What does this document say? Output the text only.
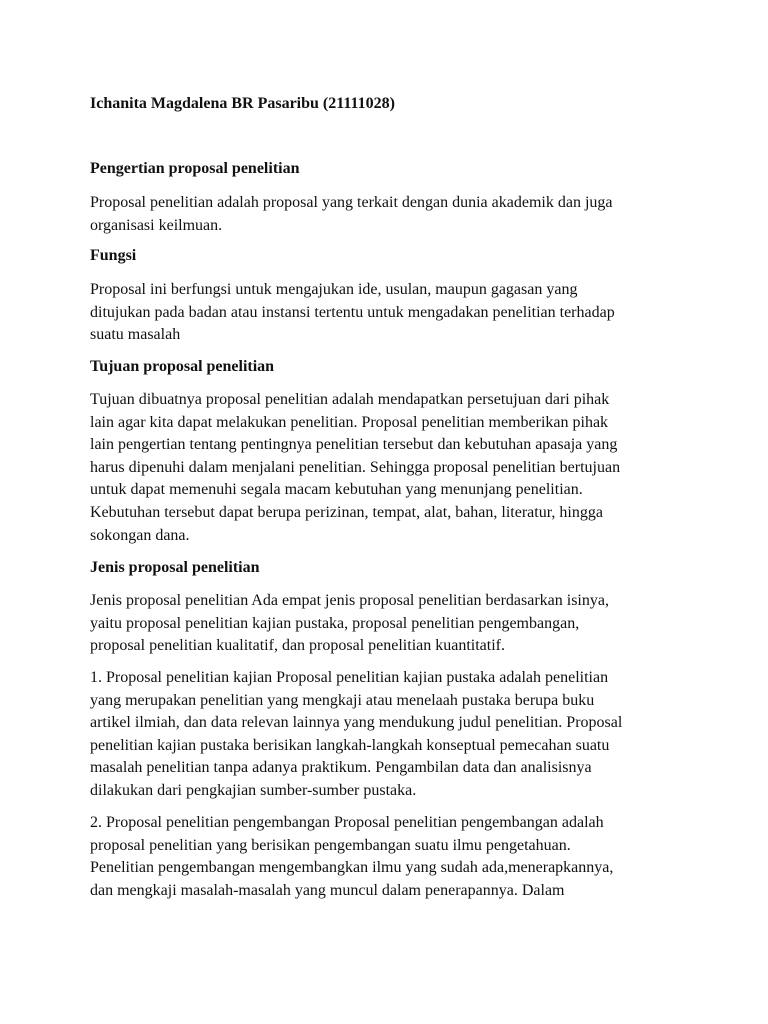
Ichanita Magdalena BR Pasaribu (21111028)

Pengertian proposal penelitian

Proposal penelitian adalah proposal yang terkait dengan dunia akademik dan juga
organisasi keilmuan.

Fungsi

Proposal ini berfungsi untuk mengajukan ide, usulan, maupun gagasan yang
ditujukan pada badan atau instansi tertentu untuk mengadakan penelitian terhadap
suatu masalah

Tujuan proposal penelitian

Tujuan dibuatnya proposal penelitian adalah mendapatkan persetujuan dari pihak
lain agar kita dapat melakukan penelitian. Proposal penelitian memberikan pihak
lain pengertian tentang pentingnya penelitian tersebut dan kebutuhan apasaja yang
harus dipenuhi dalam menjalani penelitian. Sehingga proposal penelitian bertujuan
untuk dapat memenuhi segala macam kebutuhan yang menunjang penelitian.
Kebutuhan tersebut dapat berupa perizinan, tempat, alat, bahan, literatur, hingga
sokongan dana.

Jenis proposal penelitian

Jenis proposal penelitian Ada empat jenis proposal penelitian berdasarkan isinya,
yaitu proposal penelitian kajian pustaka, proposal penelitian pengembangan,
proposal penelitian kualitatif, dan proposal penelitian kuantitatif.

1. Proposal penelitian kajian Proposal penelitian kajian pustaka adalah penelitian
yang merupakan penelitian yang mengkaji atau menelaah pustaka berupa buku
artikel ilmiah, dan data relevan lainnya yang mendukung judul penelitian. Proposal
penelitian kajian pustaka berisikan langkah-langkah konseptual pemecahan suatu
masalah penelitian tanpa adanya praktikum. Pengambilan data dan analisisnya
dilakukan dari pengkajian sumber-sumber pustaka.

2. Proposal penelitian pengembangan Proposal penelitian pengembangan adalah
proposal penelitian yang berisikan pengembangan suatu ilmu pengetahuan.
Penelitian pengembangan mengembangkan ilmu yang sudah ada,menerapkannya,
dan mengkaji masalah-masalah yang muncul dalam penerapannya. Dalam
